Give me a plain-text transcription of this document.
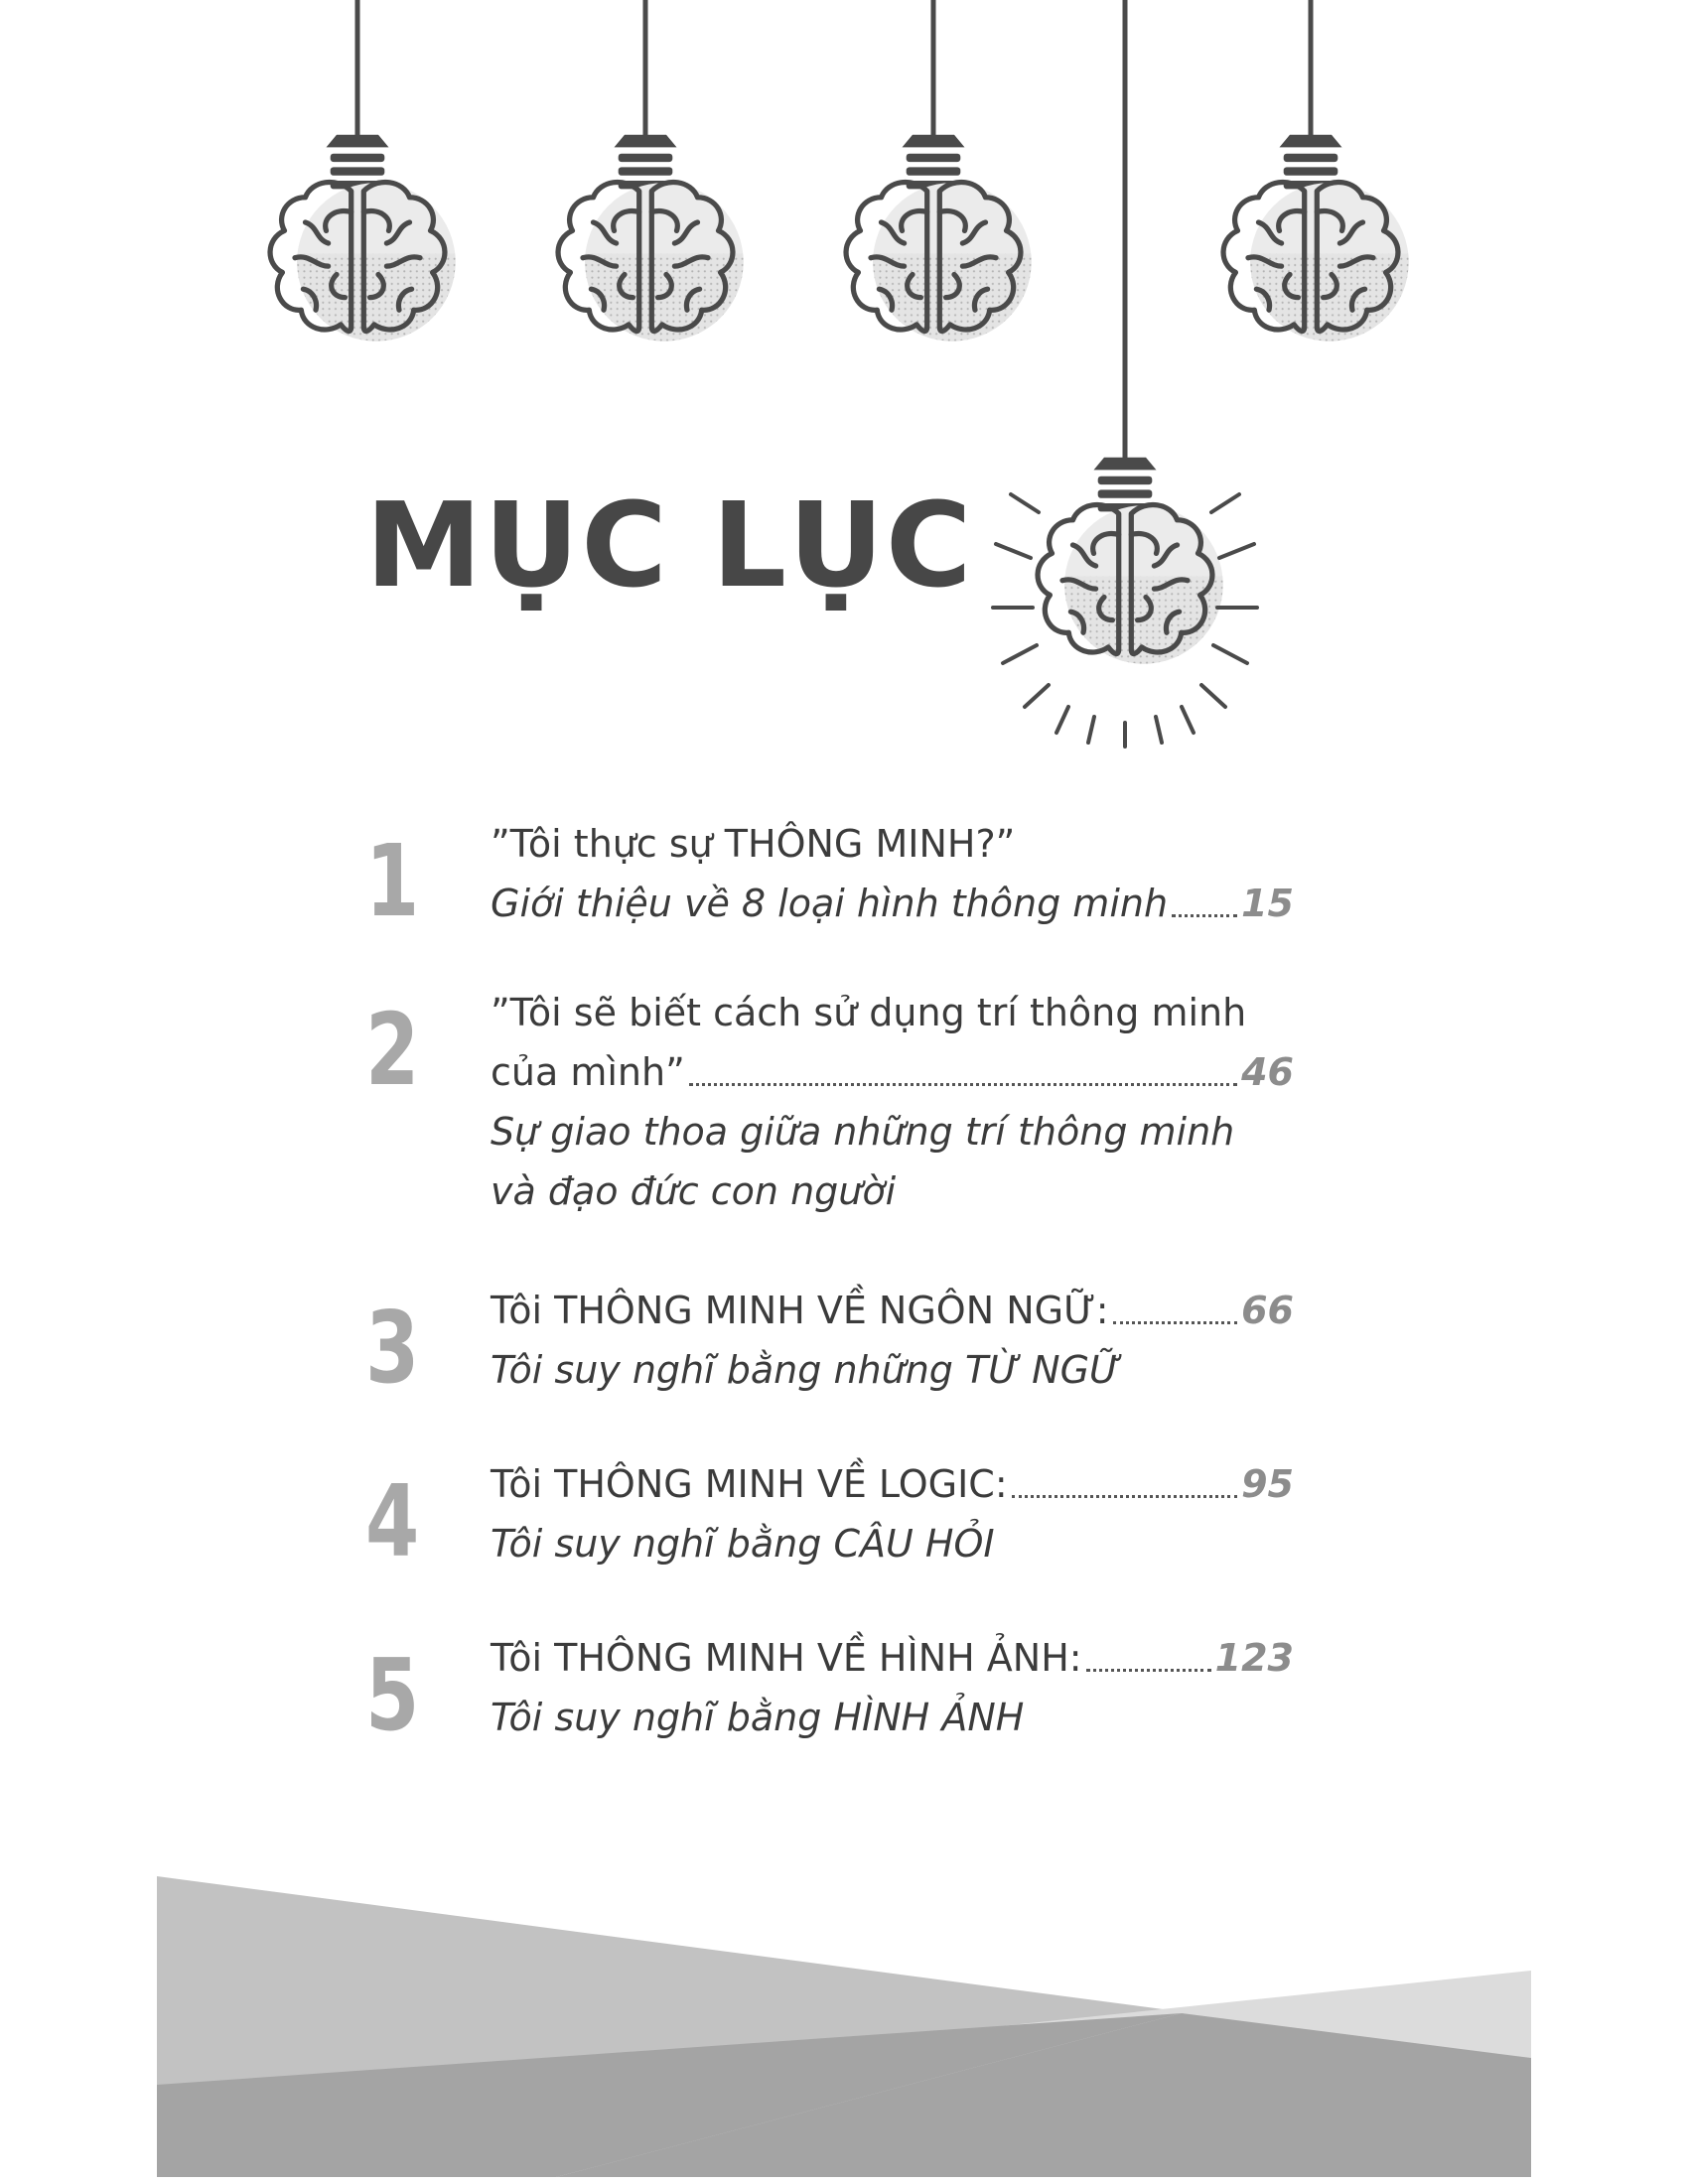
MỤC LỤC
1 ”Tôi thực sự THÔNG MINH?”
Giới thiệu về 8 loại hình thông minh 15
2 ”Tôi sẽ biết cách sử dụng trí thông minh
của mình”	46
Sự giao thoa giữa những trí thông minh
và đạo đức con người
3 Tôi THÔNG MINH VỀ NGÔN NGỮ:	66
Tôi suy nghĩ bằng những TỪ NGỮ
4 Tôi THÔNG MINH VỀ LOGIC:	95
Tôi suy nghĩ bằng CÂU HỎI
5 Tôi THÔNG MINH VỀ HÌNH ẢNH:	123
Tôi suy nghĩ bằng HÌNH ẢNH
